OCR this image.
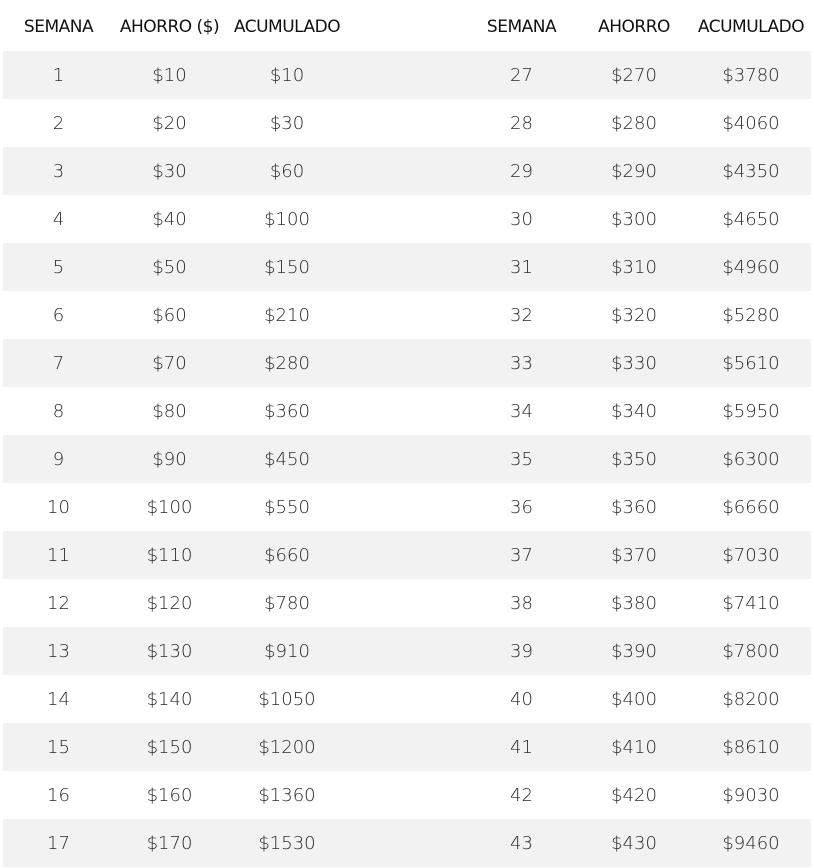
SEMANA	AHORRO ($)	ACUMULADO		SEMANA	AHORRO	ACUMULADO
1	$10	$10		27	$270	$3780
2	$20	$30		28	$280	$4060
3	$30	$60		29	$290	$4350
4	$40	$100		30	$300	$4650
5	$50	$150		31	$310	$4960
6	$60	$210		32	$320	$5280
7	$70	$280		33	$330	$5610
8	$80	$360		34	$340	$5950
9	$90	$450		35	$350	$6300
10	$100	$550		36	$360	$6660
11	$110	$660		37	$370	$7030
12	$120	$780		38	$380	$7410
13	$130	$910		39	$390	$7800
14	$140	$1050		40	$400	$8200
15	$150	$1200		41	$410	$8610
16	$160	$1360		42	$420	$9030
17	$170	$1530		43	$430	$9460
